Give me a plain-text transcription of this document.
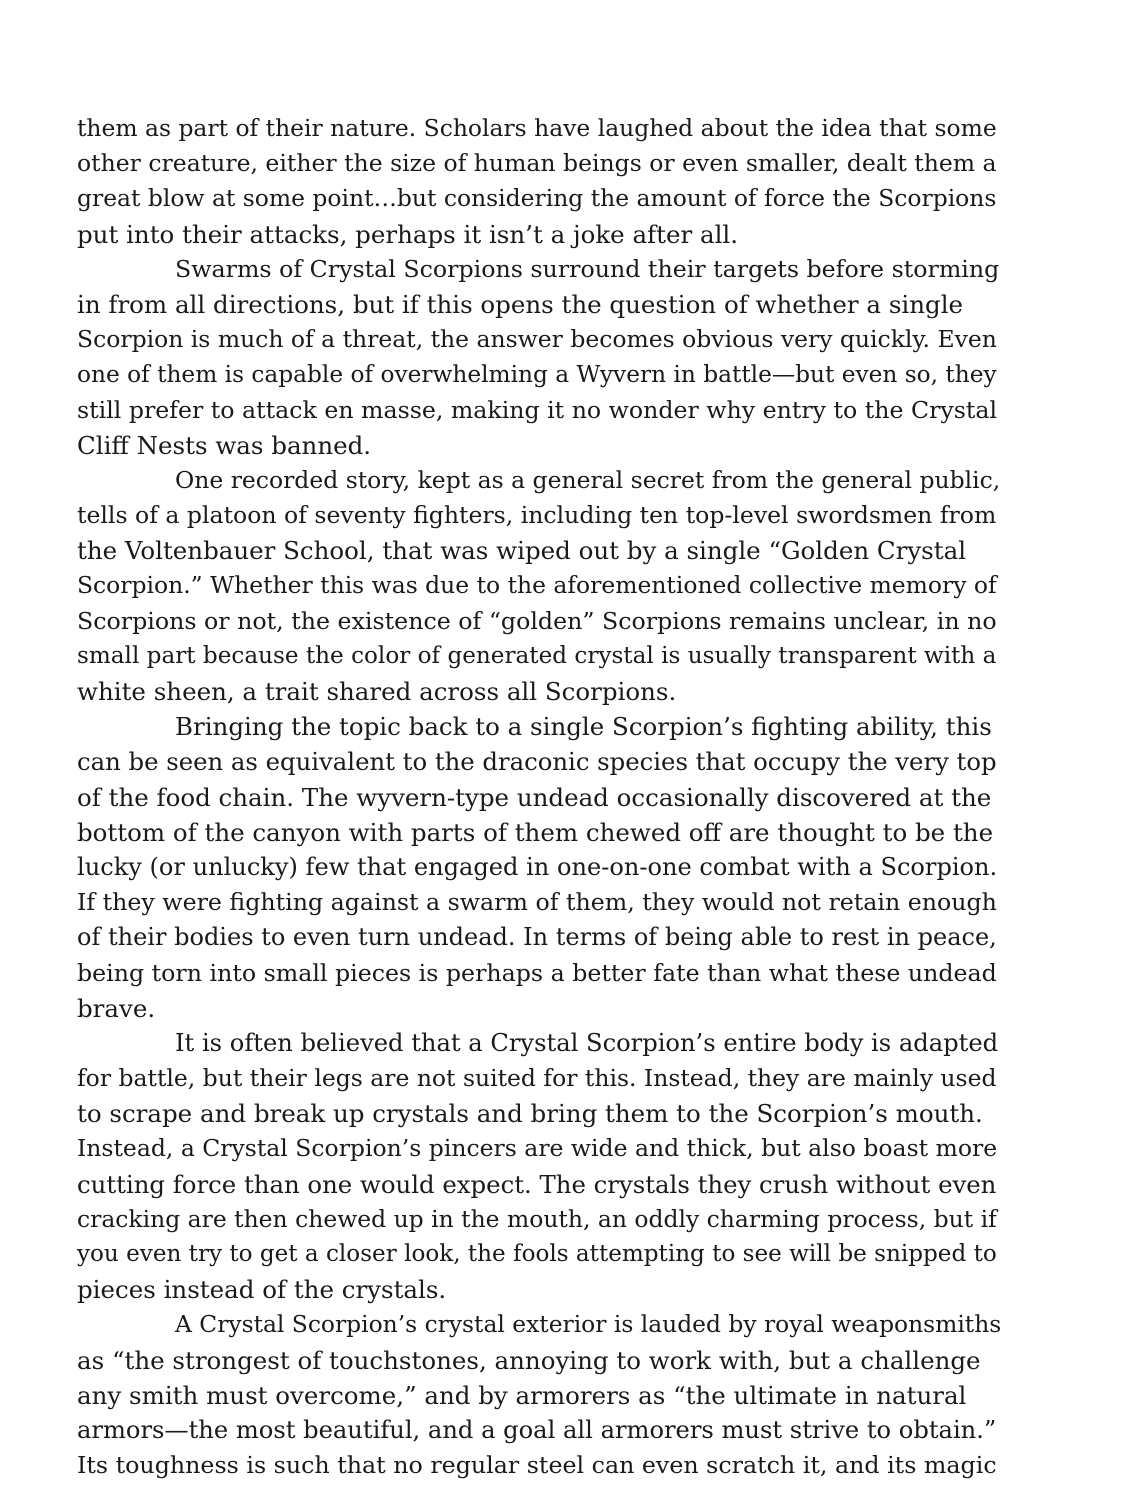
them as part of their nature. Scholars have laughed about the idea that some
other creature, either the size of human beings or even smaller, dealt them a
great blow at some point…but considering the amount of force the Scorpions
put into their attacks, perhaps it isn’t a joke after all.
Swarms of Crystal Scorpions surround their targets before storming
in from all directions, but if this opens the question of whether a single
Scorpion is much of a threat, the answer becomes obvious very quickly. Even
one of them is capable of overwhelming a Wyvern in battle—but even so, they
still prefer to attack en masse, making it no wonder why entry to the Crystal
Cliff Nests was banned.
One recorded story, kept as a general secret from the general public,
tells of a platoon of seventy fighters, including ten top-level swordsmen from
the Voltenbauer School, that was wiped out by a single “Golden Crystal
Scorpion.” Whether this was due to the aforementioned collective memory of
Scorpions or not, the existence of “golden” Scorpions remains unclear, in no
small part because the color of generated crystal is usually transparent with a
white sheen, a trait shared across all Scorpions.
Bringing the topic back to a single Scorpion’s fighting ability, this
can be seen as equivalent to the draconic species that occupy the very top
of the food chain. The wyvern-type undead occasionally discovered at the
bottom of the canyon with parts of them chewed off are thought to be the
lucky (or unlucky) few that engaged in one-on-one combat with a Scorpion.
If they were fighting against a swarm of them, they would not retain enough
of their bodies to even turn undead. In terms of being able to rest in peace,
being torn into small pieces is perhaps a better fate than what these undead
brave.
It is often believed that a Crystal Scorpion’s entire body is adapted
for battle, but their legs are not suited for this. Instead, they are mainly used
to scrape and break up crystals and bring them to the Scorpion’s mouth.
Instead, a Crystal Scorpion’s pincers are wide and thick, but also boast more
cutting force than one would expect. The crystals they crush without even
cracking are then chewed up in the mouth, an oddly charming process, but if
you even try to get a closer look, the fools attempting to see will be snipped to
pieces instead of the crystals.
A Crystal Scorpion’s crystal exterior is lauded by royal weaponsmiths
as “the strongest of touchstones, annoying to work with, but a challenge
any smith must overcome,” and by armorers as “the ultimate in natural
armors—the most beautiful, and a goal all armorers must strive to obtain.”
Its toughness is such that no regular steel can even scratch it, and its magic
